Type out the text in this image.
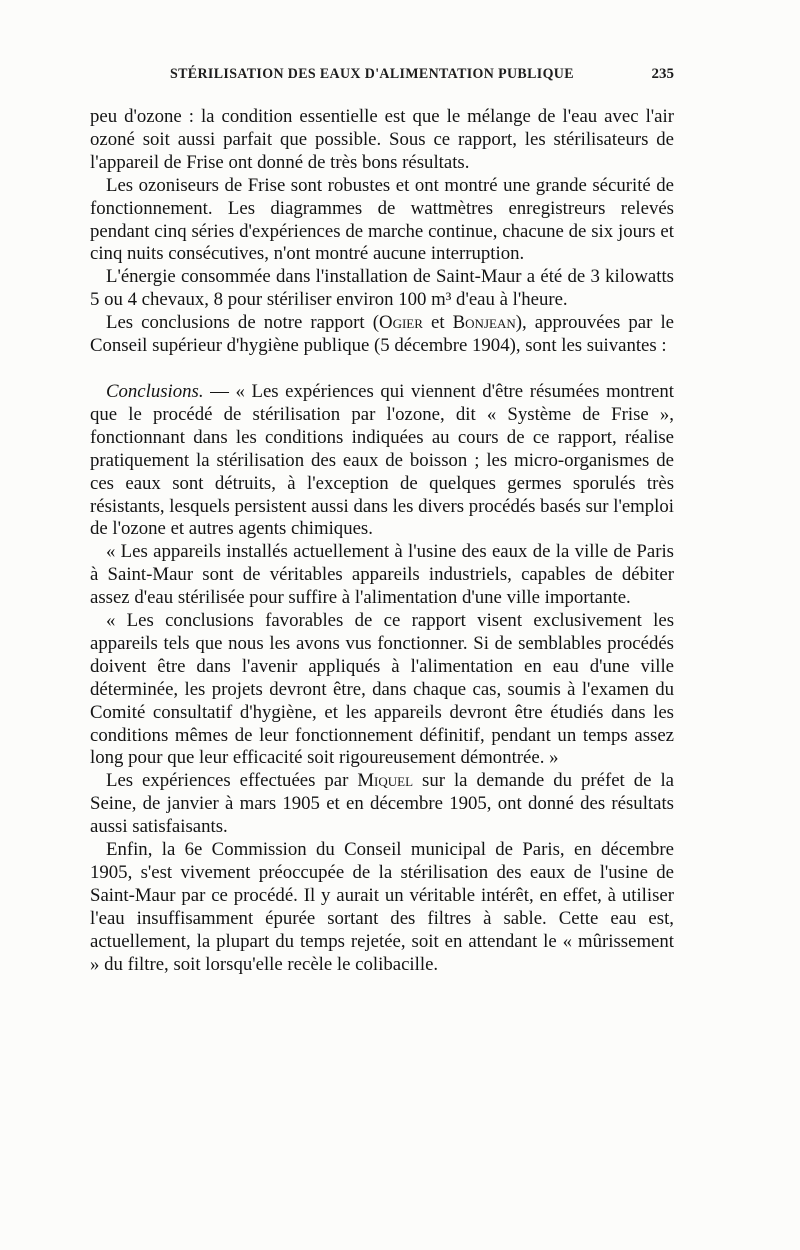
STÉRILISATION DES EAUX D'ALIMENTATION PUBLIQUE	235

peu d'ozone : la condition essentielle est que le mélange de l'eau avec l'air ozoné soit aussi parfait que possible. Sous ce rapport, les stérilisateurs de l'appareil de Frise ont donné de très bons résultats.

Les ozoniseurs de Frise sont robustes et ont montré une grande sécurité de fonctionnement. Les diagrammes de wattmètres enregistreurs relevés pendant cinq séries d'expériences de marche continue, chacune de six jours et cinq nuits consécutives, n'ont montré aucune interruption.

L'énergie consommée dans l'installation de Saint-Maur a été de 3 kilowatts 5 ou 4 chevaux, 8 pour stériliser environ 100 m³ d'eau à l'heure.

Les conclusions de notre rapport (Ogier et Bonjean), approuvées par le Conseil supérieur d'hygiène publique (5 décembre 1904), sont les suivantes :

Conclusions. — « Les expériences qui viennent d'être résumées montrent que le procédé de stérilisation par l'ozone, dit « Système de Frise », fonctionnant dans les conditions indiquées au cours de ce rapport, réalise pratiquement la stérilisation des eaux de boisson ; les micro-organismes de ces eaux sont détruits, à l'exception de quelques germes sporulés très résistants, lesquels persistent aussi dans les divers procédés basés sur l'emploi de l'ozone et autres agents chimiques.

« Les appareils installés actuellement à l'usine des eaux de la ville de Paris à Saint-Maur sont de véritables appareils industriels, capables de débiter assez d'eau stérilisée pour suffire à l'alimentation d'une ville importante.

« Les conclusions favorables de ce rapport visent exclusivement les appareils tels que nous les avons vus fonctionner. Si de semblables procédés doivent être dans l'avenir appliqués à l'alimentation en eau d'une ville déterminée, les projets devront être, dans chaque cas, soumis à l'examen du Comité consultatif d'hygiène, et les appareils devront être étudiés dans les conditions mêmes de leur fonctionnement définitif, pendant un temps assez long pour que leur efficacité soit rigoureusement démontrée. »

Les expériences effectuées par Miquel sur la demande du préfet de la Seine, de janvier à mars 1905 et en décembre 1905, ont donné des résultats aussi satisfaisants.

Enfin, la 6e Commission du Conseil municipal de Paris, en décembre 1905, s'est vivement préoccupée de la stérilisation des eaux de l'usine de Saint-Maur par ce procédé. Il y aurait un véritable intérêt, en effet, à utiliser l'eau insuffisamment épurée sortant des filtres à sable. Cette eau est, actuellement, la plupart du temps rejetée, soit en attendant le « mûrissement » du filtre, soit lorsqu'elle recèle le colibacille.
